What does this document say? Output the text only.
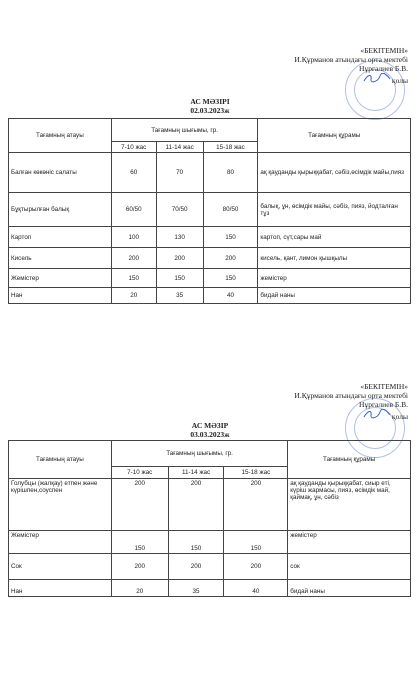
«БЕКІТЕМІН»
И.Құрманов атындағы орта мектебі
Нұргалиев Б.В.
қолы
АС МӘЗІРІ
02.03.2023ж
Тағамның атауы	Тағамның шығымы, гр.			Тағамның құрамы
	7-10 жас	11-14 жас	15-18 жас	
Балған көкөніс салаты	60	70	80	ақ қауданды қырыққабат, сәбіз,өсімдік майы,пияз
Бұқтырылған балық	60/50	70/50	80/50	балық, ұн, өсімдік майы, сәбіз, пияз, йодталған тұз
Картоп	100	130	150	картоп, сүт,сары май
Кисель	200	200	200	кисель, қант, лимон қышқылы
Жемістер	150	150	150	жемістер
Нан	20	35	40	бидай наны
«БЕКІТЕМІН»
И.Құрманов атындағы орта мектебі
Нұргалиев Б.В.
қолы
АС МӘЗІР
03.03.2023ж
Тағамның атауы	Тағамның шығымы, гр.			Тағамның құрамы
	7-10 жас	11-14 жас	15-18 жас	
Голубцы (жалқау) етпен және күрішпен,соуспен	200	200	200	ақ қауданды қырыққабат, сиыр еті, күріш жармасы, пияз, өсімдік май, қаймақ, ұн, сәбіз
Жемістер	150	150	150	жемістер
Сок	200	200	200	сок
Нан	20	35	40	бидай наны
